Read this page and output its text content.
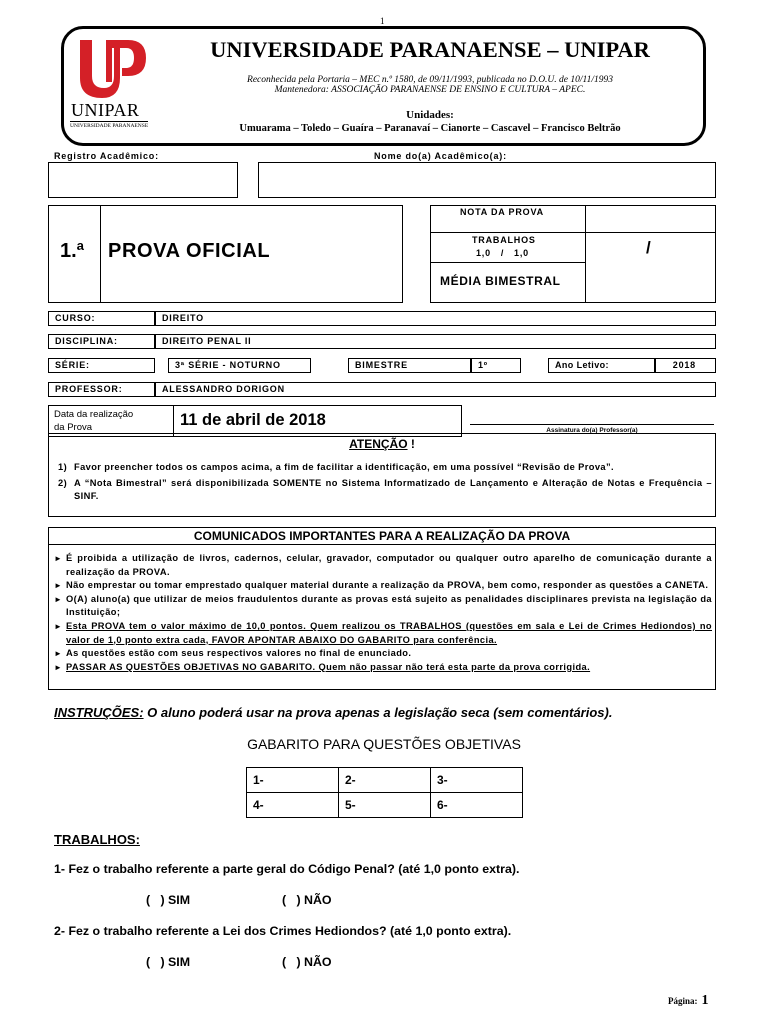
1
UNIPAR
UNIVERSIDADE PARANAENSE
UNIVERSIDADE PARANAENSE – UNIPAR
Reconhecida pela Portaria – MEC n.º 1580, de 09/11/1993, publicada no D.O.U. de 10/11/1993
Mantenedora: ASSOCIAÇÃO PARANAENSE DE ENSINO E CULTURA – APEC.
Unidades:
Umuarama – Toledo – Guaíra – Paranavaí – Cianorte – Cascavel – Francisco Beltrão
Registro Acadêmico:	Nome do(a) Acadêmico(a):
1.ª PROVA OFICIAL
NOTA DA PROVA
TRABALHOS
1,0   /   1,0	/
MÉDIA BIMESTRAL
CURSO:	DIREITO
DISCIPLINA:	DIREITO PENAL II
SÉRIE:	3ª SÉRIE - NOTURNO	BIMESTRE	1º	Ano Letivo:	2018
PROFESSOR:	ALESSANDRO DORIGON
Data da realização
da Prova	11 de abril de 2018
Assinatura do(a) Professor(a)
ATENÇÃO !
1) Favor preencher todos os campos acima, a fim de facilitar a identificação, em uma possível “Revisão de Prova”.
2) A “Nota Bimestral” será disponibilizada SOMENTE no Sistema Informatizado de Lançamento e Alteração de Notas e Frequência – SINF.
COMUNICADOS IMPORTANTES PARA A REALIZAÇÃO DA PROVA
► É proibida a utilização de livros, cadernos, celular, gravador, computador ou qualquer outro aparelho de comunicação durante a realização da PROVA.
► Não emprestar ou tomar emprestado qualquer material durante a realização da PROVA, bem como, responder as questões a CANETA.
► O(A) aluno(a) que utilizar de meios fraudulentos durante as provas está sujeito as penalidades disciplinares prevista na legislação da Instituição;
► Esta PROVA tem o valor máximo de 10,0 pontos. Quem realizou os TRABALHOS (questões em sala e Lei de Crimes Hediondos) no valor de 1,0 ponto extra cada, FAVOR APONTAR ABAIXO DO GABARITO para conferência.
► As questões estão com seus respectivos valores no final de enunciado.
► PASSAR AS QUESTÕES OBJETIVAS NO GABARITO. Quem não passar não terá esta parte da prova corrigida.
INSTRUÇÕES: O aluno poderá usar na prova apenas a legislação seca (sem comentários).
GABARITO PARA QUESTÕES OBJETIVAS
1-	2-	3-
4-	5-	6-
TRABALHOS:
1- Fez o trabalho referente a parte geral do Código Penal? (até 1,0 ponto extra).
(   ) SIM	(   ) NÃO
2- Fez o trabalho referente a Lei dos Crimes Hediondos? (até 1,0 ponto extra).
(   ) SIM	(   ) NÃO
Página: 1
